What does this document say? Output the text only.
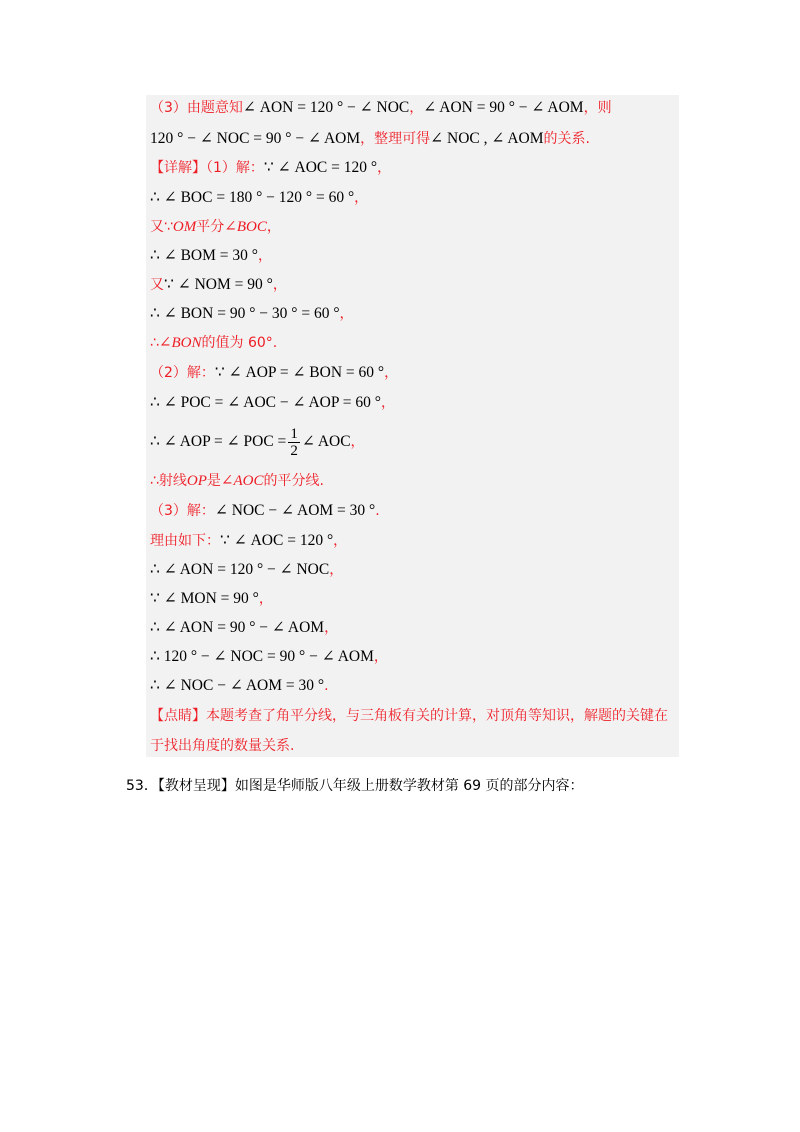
（3）由题意知∠ AON = 120 ° − ∠ NOC，∠ AON = 90 ° − ∠ AOM，则
120 ° − ∠ NOC = 90 ° − ∠ AOM，整理可得∠ NOC , ∠ AOM的关系.
【详解】（1）解：∵ ∠ AOC = 120 °，
∴ ∠ BOC = 180 ° − 120 ° = 60 °，
又∵OM平分∠BOC，
∴ ∠ BOM = 30 °，
又∵ ∠ NOM = 90 °，
∴ ∠ BON = 90 ° − 30 ° = 60 °，
∴∠BON的值为 60°.
（2）解：∵ ∠ AOP = ∠ BON = 60 °，
∴ ∠ POC = ∠ AOC − ∠ AOP = 60 °，
∴ ∠ AOP = ∠ POC = $\frac{1}{2}$ ∠ AOC，
∴射线OP是∠AOC的平分线.
（3）解：∠ NOC − ∠ AOM = 30 °.
理由如下：∵ ∠ AOC = 120 °，
∴ ∠ AON = 120 ° − ∠ NOC，
∵ ∠ MON = 90 °，
∴ ∠ AON = 90 ° − ∠ AOM，
∴ 120 ° − ∠ NOC = 90 ° − ∠ AOM，
∴ ∠ NOC − ∠ AOM = 30 °.
【点睛】本题考查了角平分线，与三角板有关的计算，对顶角等知识，解题的关键在
于找出角度的数量关系.
53．【教材呈现】如图是华师版八年级上册数学教材第 69 页的部分内容：
